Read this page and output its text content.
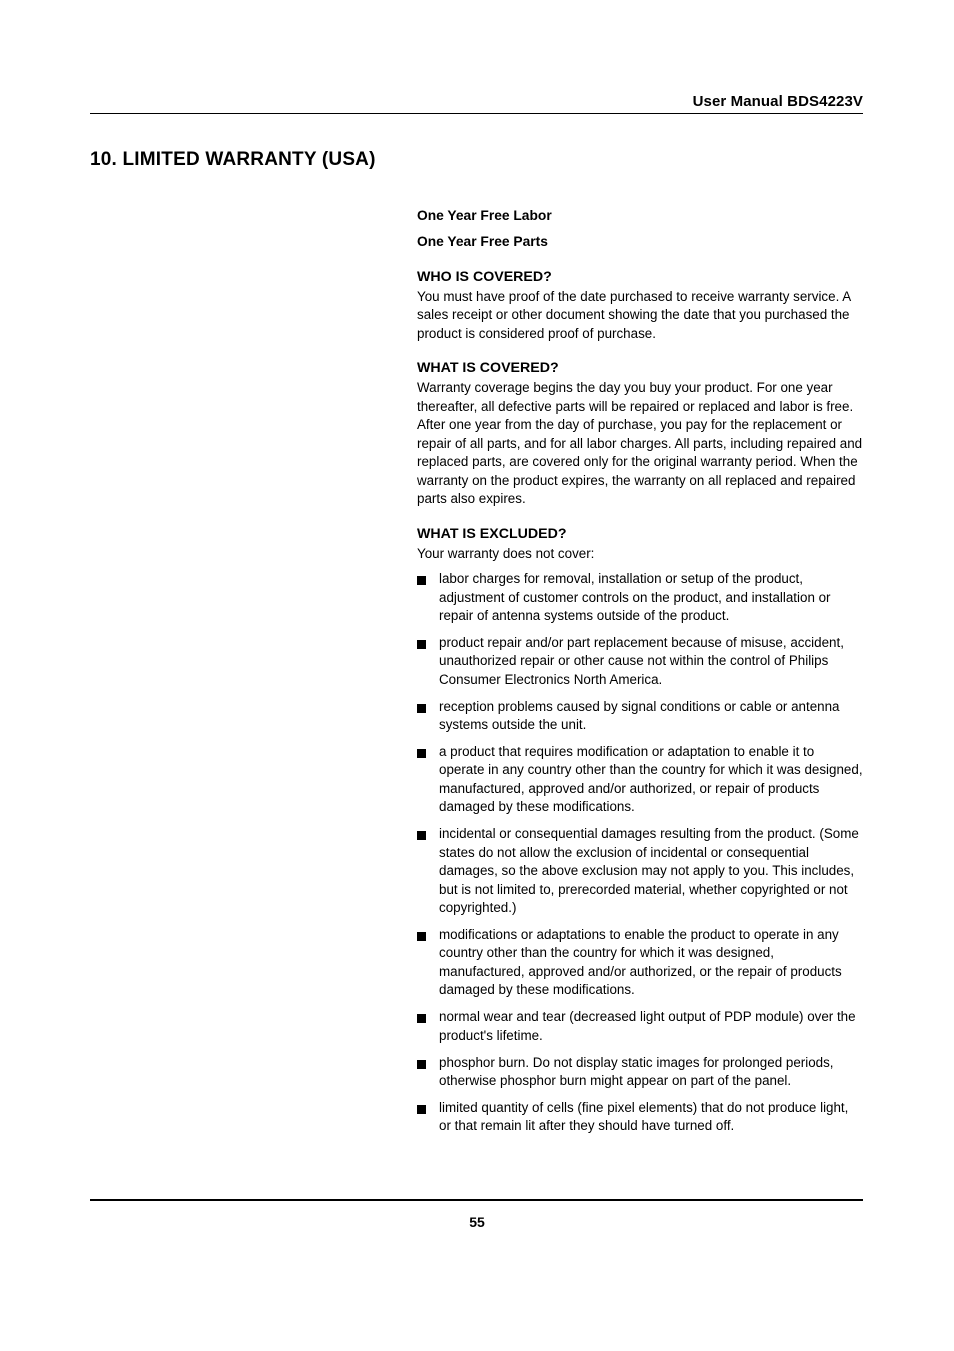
User Manual BDS4223V
10. LIMITED WARRANTY (USA)

One Year Free Labor

One Year Free Parts

WHO IS COVERED?

You must have proof of the date purchased to receive warranty service. A sales receipt or other document showing the date that you purchased the product is considered proof of purchase.

WHAT IS COVERED?

Warranty coverage begins the day you buy your product. For one year thereafter, all defective parts will be repaired or replaced and labor is free. After one year from the day of purchase, you pay for the replacement or repair of all parts, and for all labor charges. All parts, including repaired and replaced parts, are covered only for the original warranty period. When the warranty on the product expires, the warranty on all replaced and repaired parts also expires.

WHAT IS EXCLUDED?

Your warranty does not cover:

labor charges for removal, installation or setup of the product, adjustment of customer controls on the product, and installation or repair of antenna systems outside of the product.
product repair and/or part replacement because of misuse, accident, unauthorized repair or other cause not within the control of Philips Consumer Electronics North America.
reception problems caused by signal conditions or cable or antenna systems outside the unit.
a product that requires modification or adaptation to enable it to operate in any country other than the country for which it was designed, manufactured, approved and/or authorized, or repair of products damaged by these modifications.
incidental or consequential damages resulting from the product. (Some states do not allow the exclusion of incidental or consequential damages, so the above exclusion may not apply to you. This includes, but is not limited to, prerecorded material, whether copyrighted or not copyrighted.)
modifications or adaptations to enable the product to operate in any country other than the country for which it was designed, manufactured, approved and/or authorized, or the repair of products damaged by these modifications.
normal wear and tear (decreased light output of PDP module) over the product's lifetime.
phosphor burn. Do not display static images for prolonged periods, otherwise phosphor burn might appear on part of the panel.
limited quantity of cells (fine pixel elements) that do not produce light, or that remain lit after they should have turned off.
55
